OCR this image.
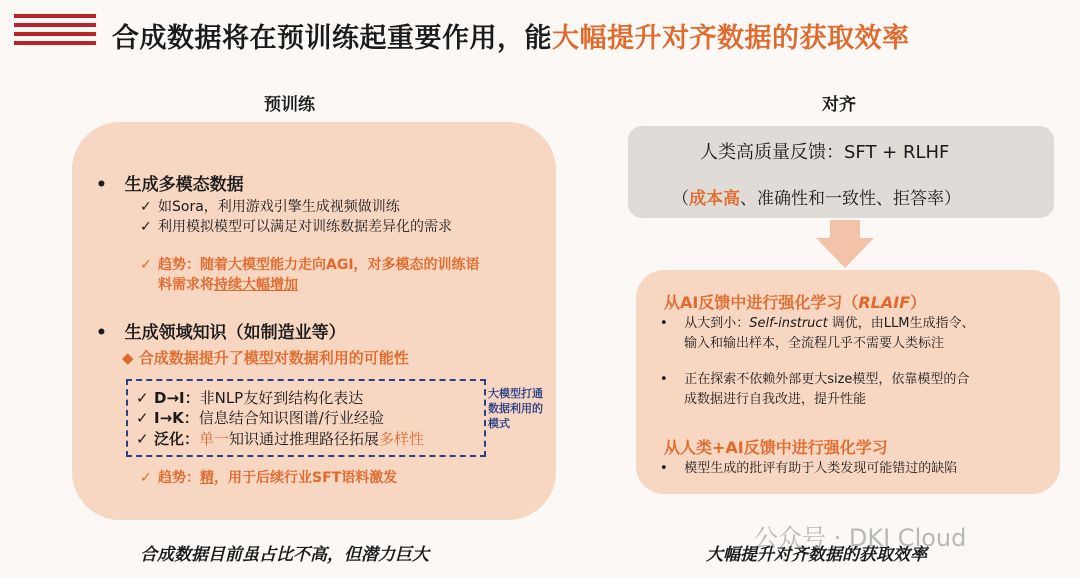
合成数据将在预训练起重要作用，能大幅提升对齐数据的获取效率
预训练
•   生成多模态数据
✓ 如Sora，利用游戏引擎生成视频做训练
✓ 利用模拟模型可以满足对训练数据差异化的需求
✓ 趋势：随着大模型能力走向AGI，对多模态的训练语
料需求将持续大幅增加
•   生成领域知识（如制造业等）
◆ 合成数据提升了模型对数据利用的可能性
✓ D→I：非NLP友好到结构化表达
✓ I→K：信息结合知识图谱/行业经验
✓ 泛化：单一知识通过推理路径拓展多样性
大模型打通数据利用的模式
✓ 趋势：精，用于后续行业SFT语料激发
合成数据目前虽占比不高，但潜力巨大
对齐
人类高质量反馈：SFT + RLHF
（成本高、准确性和一致性、拒答率）
从AI反馈中进行强化学习（RLAIF）
•    从大到小：Self-instruct 调优，由LLM生成指令、
输入和输出样本，全流程几乎不需要人类标注
•    正在探索不依赖外部更大size模型，依靠模型的合
成数据进行自我改进，提升性能
从人类+AI反馈中进行强化学习
•    模型生成的批评有助于人类发现可能错过的缺陷
大幅提升对齐数据的获取效率
公众号 · DKI Cloud
